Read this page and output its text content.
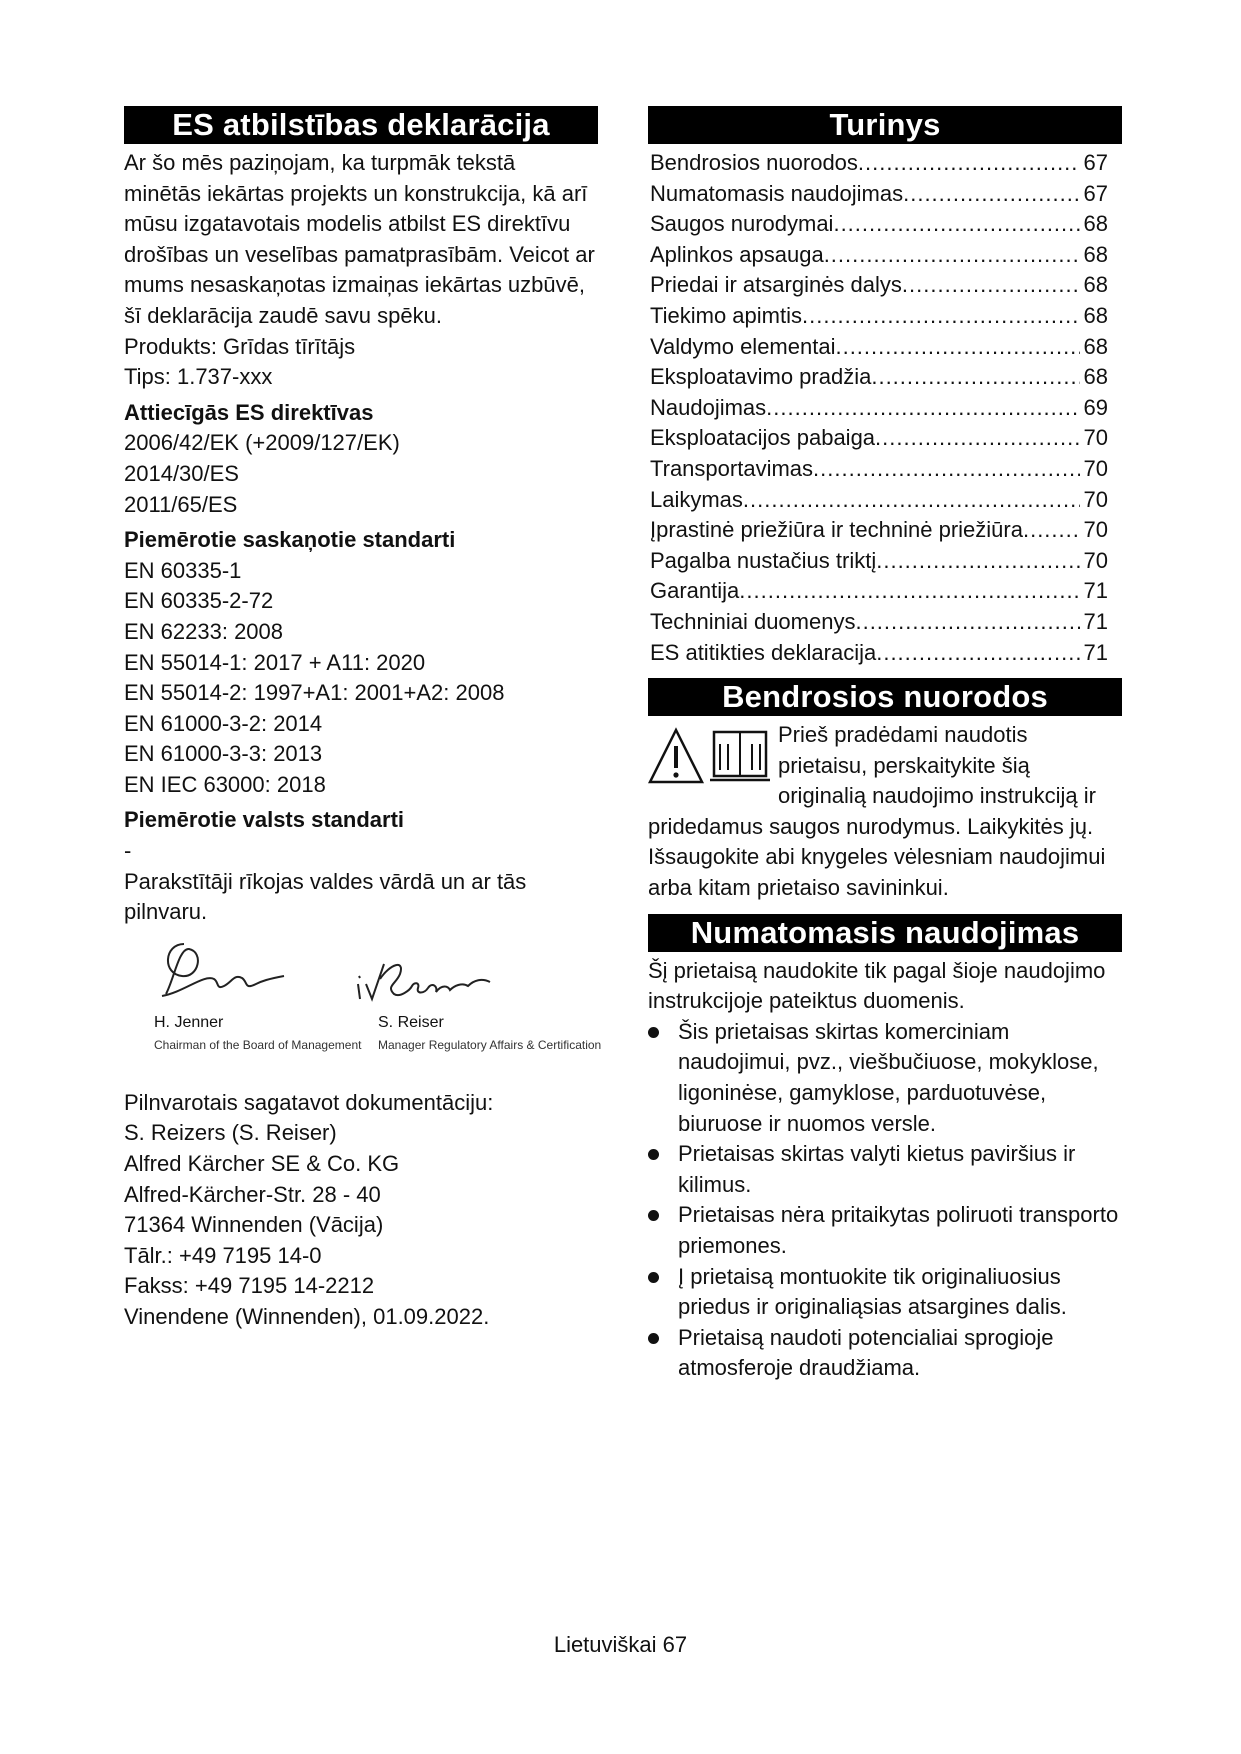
ES atbilstības deklarācija

Ar šo mēs paziņojam, ka turpmāk tekstā minētās iekārtas projekts un konstrukcija, kā arī mūsu izgatavotais modelis atbilst ES direktīvu drošības un veselības pamatprasībām. Veicot ar mums nesaskaņotas izmaiņas iekārtas uzbūvē, šī deklarācija zaudē savu spēku.

Produkts: Grīdas tīrītājs

Tips: 1.737-xxx

Attiecīgās ES direktīvas

2006/42/EK (+2009/127/EK)

2014/30/ES

2011/65/ES

Piemērotie saskaņotie standarti

EN 60335-1

EN 60335-2-72

EN 62233: 2008

EN 55014-1: 2017 + A11: 2020

EN 55014-2: 1997+A1: 2001+A2: 2008

EN 61000-3-2: 2014

EN 61000-3-3: 2013

EN IEC 63000: 2018

Piemērotie valsts standarti

-

Parakstītāji rīkojas valdes vārdā un ar tās pilnvaru.

H. Jenner
Chairman of the Board of Management
S. Reiser
Manager Regulatory Affairs & Certification

Pilnvarotais sagatavot dokumentāciju:

S. Reizers (S. Reiser)

Alfred Kärcher SE & Co. KG

Alfred-Kärcher-Str. 28 - 40

71364 Winnenden (Vācija)

Tālr.: +49 7195 14-0

Fakss: +49 7195 14-2212

Vinendene (Winnenden), 01.09.2022.

Turinys
Bendrosios nuorodos .....	67
Numatomasis naudojimas .....	67
Saugos nurodymai .....	68
Aplinkos apsauga .....	68
Priedai ir atsarginės dalys .....	68
Tiekimo apimtis .....	68
Valdymo elementai .....	68
Eksploatavimo pradžia .....	68
Naudojimas .....	69
Eksploatacijos pabaiga .....	70
Transportavimas .....	70
Laikymas .....	70
Įprastinė priežiūra ir techninė priežiūra .....	70
Pagalba nustačius triktį .....	70
Garantija .....	71
Techniniai duomenys .....	71
ES atitikties deklaracija .....	71
Bendrosios nuorodos

Prieš pradėdami naudotis prietaisu, perskaitykite šią originalią naudojimo instrukciją ir pridedamus saugos nurodymus. Laikykitės jų. Išsaugokite abi knygeles vėlesniam naudojimui arba kitam prietaiso savininkui.

Numatomasis naudojimas

Šį prietaisą naudokite tik pagal šioje naudojimo instrukcijoje pateiktus duomenis.

Šis prietaisas skirtas komerciniam naudojimui, pvz., viešbučiuose, mokyklose, ligoninėse, gamyklose, parduotuvėse, biuruose ir nuomos versle.
Prietaisas skirtas valyti kietus paviršius ir kilimus.
Prietaisas nėra pritaikytas poliruoti transporto priemones.
Į prietaisą montuokite tik originaliuosius priedus ir originaliąsias atsargines dalis.
Prietaisą naudoti potencialiai sprogioje atmosferoje draudžiama.
Lietuviškai 67
